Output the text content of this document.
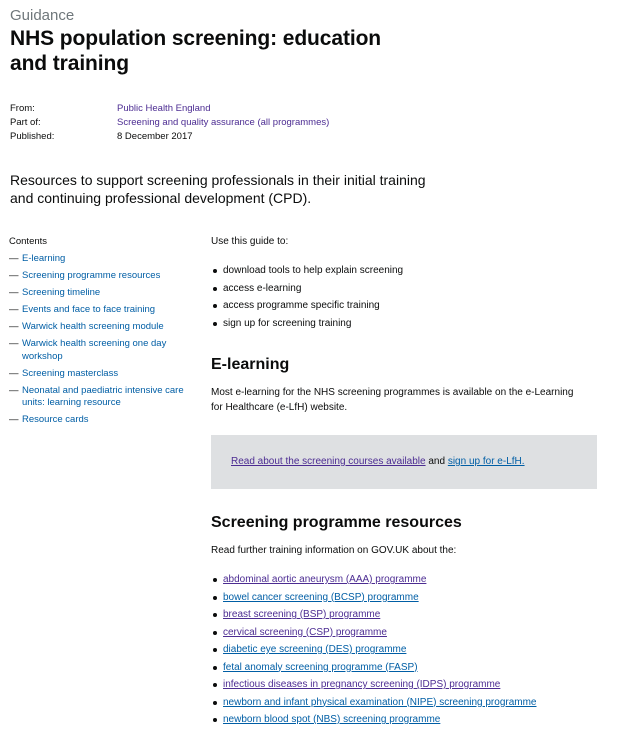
Guidance
NHS population screening: education and training
From:	Public Health England
Part of:	Screening and quality assurance (all programmes)
Published:	8 December 2017

Resources to support screening professionals in their initial training and continuing professional development (CPD).

Contents
— E-learning
— Screening programme resources
— Screening timeline
— Events and face to face training
— Warwick health screening module
— Warwick health screening one day workshop
— Screening masterclass
— Neonatal and paediatric intensive care units: learning resource
— Resource cards

Use this guide to:

download tools to help explain screening
access e-learning
access programme specific training
sign up for screening training
E-learning

Most e-learning for the NHS screening programmes is available on the e-Learning for Healthcare (e-LfH) website.

Read about the screening courses available and sign up for e-LfH.
Screening programme resources

Read further training information on GOV.UK about the:

abdominal aortic aneurysm (AAA) programme
bowel cancer screening (BCSP) programme
breast screening (BSP) programme
cervical screening (CSP) programme
diabetic eye screening (DES) programme
fetal anomaly screening programme (FASP)
infectious diseases in pregnancy screening (IDPS) programme
newborn and infant physical examination (NIPE) screening programme
newborn blood spot (NBS) screening programme
